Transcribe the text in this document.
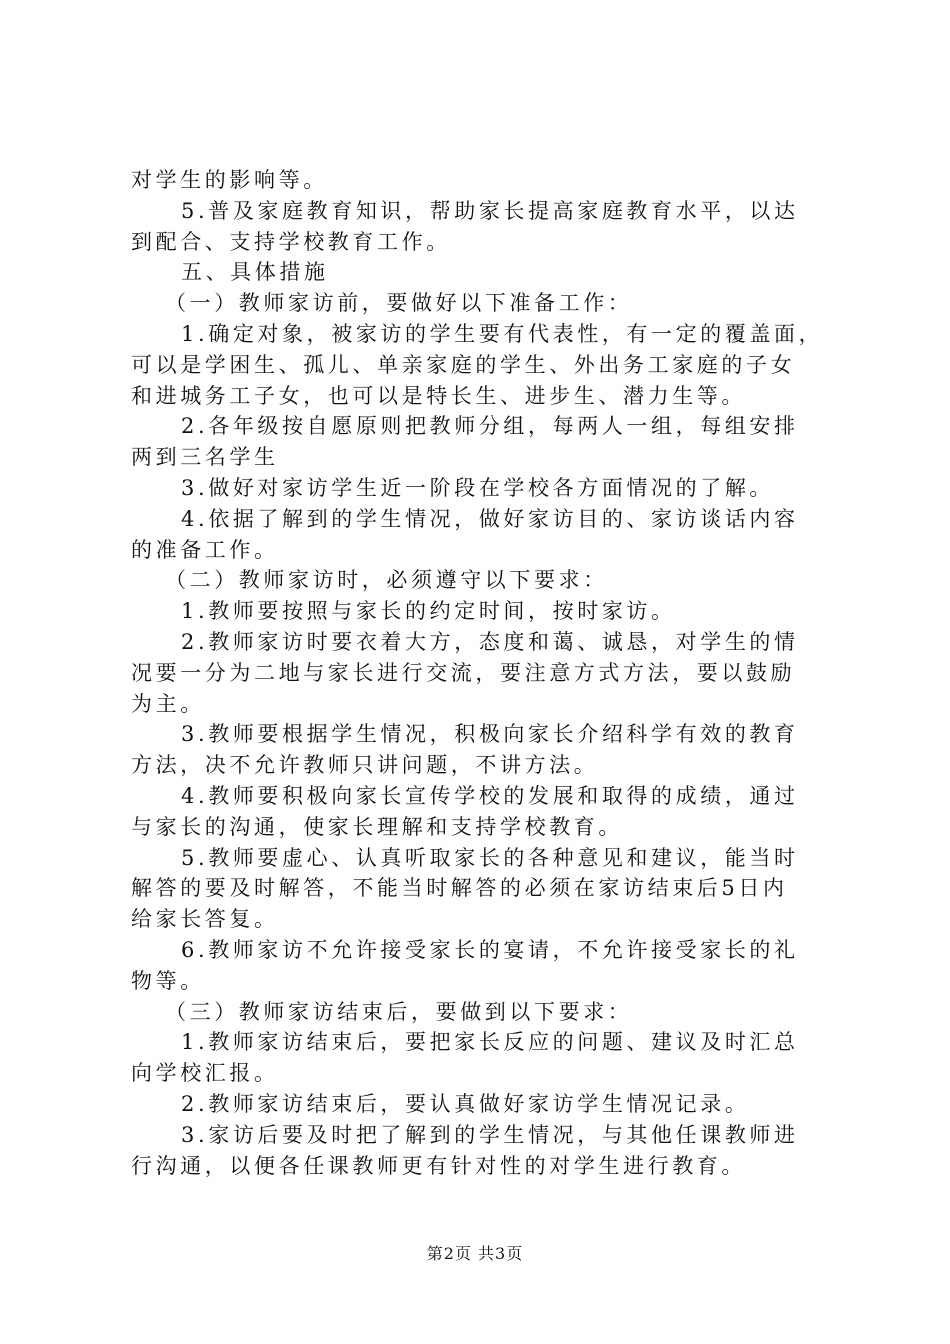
对学生的影响等。
5.普及家庭教育知识，帮助家长提高家庭教育水平，以达
到配合、支持学校教育工作。
五、具体措施
（一）教师家访前，要做好以下准备工作：
1.确定对象，被家访的学生要有代表性，有一定的覆盖面，
可以是学困生、孤儿、单亲家庭的学生、外出务工家庭的子女
和进城务工子女，也可以是特长生、进步生、潜力生等。
2.各年级按自愿原则把教师分组，每两人一组，每组安排
两到三名学生
3.做好对家访学生近一阶段在学校各方面情况的了解。
4.依据了解到的学生情况，做好家访目的、家访谈话内容
的准备工作。
（二）教师家访时，必须遵守以下要求：
1.教师要按照与家长的约定时间，按时家访。
2.教师家访时要衣着大方，态度和蔼、诚恳，对学生的情
况要一分为二地与家长进行交流，要注意方式方法，要以鼓励
为主。
3.教师要根据学生情况，积极向家长介绍科学有效的教育
方法，决不允许教师只讲问题，不讲方法。
4.教师要积极向家长宣传学校的发展和取得的成绩，通过
与家长的沟通，使家长理解和支持学校教育。
5.教师要虚心、认真听取家长的各种意见和建议，能当时
解答的要及时解答，不能当时解答的必须在家访结束后5日内
给家长答复。
6.教师家访不允许接受家长的宴请，不允许接受家长的礼
物等。
（三）教师家访结束后，要做到以下要求：
1.教师家访结束后，要把家长反应的问题、建议及时汇总
向学校汇报。
2.教师家访结束后，要认真做好家访学生情况记录。
3.家访后要及时把了解到的学生情况，与其他任课教师进
行沟通，以便各任课教师更有针对性的对学生进行教育。
第2页 共3页
